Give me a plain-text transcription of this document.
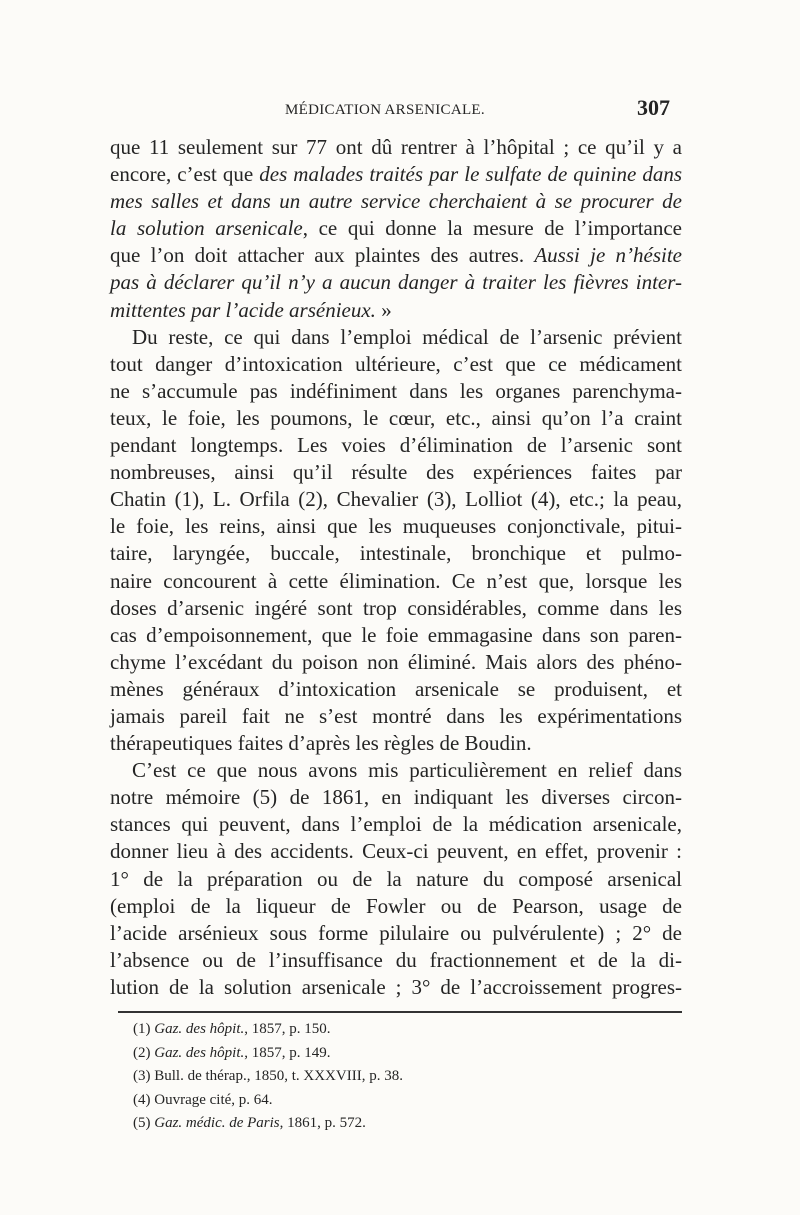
MÉDICATION ARSENICALE.	307
que 11 seulement sur 77 ont dû rentrer à l’hôpital ; ce qu’il y a
encore, c’est que des malades traités par le sulfate de quinine dans
mes salles et dans un autre service cherchaient à se procurer de
la solution arsenicale, ce qui donne la mesure de l’importance
que l’on doit attacher aux plaintes des autres. Aussi je n’hésite
pas à déclarer qu’il n’y a aucun danger à traiter les fièvres inter-
mittentes par l’acide arsénieux. »
Du reste, ce qui dans l’emploi médical de l’arsenic prévient
tout danger d’intoxication ultérieure, c’est que ce médicament
ne s’accumule pas indéfiniment dans les organes parenchyma-
teux, le foie, les poumons, le cœur, etc., ainsi qu’on l’a craint
pendant longtemps. Les voies d’élimination de l’arsenic sont
nombreuses, ainsi qu’il résulte des expériences faites par
Chatin (1), L. Orfila (2), Chevalier (3), Lolliot (4), etc.; la peau,
le foie, les reins, ainsi que les muqueuses conjonctivale, pitui-
taire, laryngée, buccale, intestinale, bronchique et pulmo-
naire concourent à cette élimination. Ce n’est que, lorsque les
doses d’arsenic ingéré sont trop considérables, comme dans les
cas d’empoisonnement, que le foie emmagasine dans son paren-
chyme l’excédant du poison non éliminé. Mais alors des phéno-
mènes généraux d’intoxication arsenicale se produisent, et
jamais pareil fait ne s’est montré dans les expérimentations
thérapeutiques faites d’après les règles de Boudin.
C’est ce que nous avons mis particulièrement en relief dans
notre mémoire (5) de 1861, en indiquant les diverses circon-
stances qui peuvent, dans l’emploi de la médication arsenicale,
donner lieu à des accidents. Ceux-ci peuvent, en effet, provenir :
1° de la préparation ou de la nature du composé arsenical
(emploi de la liqueur de Fowler ou de Pearson, usage de
l’acide arsénieux sous forme pilulaire ou pulvérulente) ; 2° de
l’absence ou de l’insuffisance du fractionnement et de la di-
lution de la solution arsenicale ; 3° de l’accroissement progres-
(1) Gaz. des hôpit., 1857, p. 150.
(2) Gaz. des hôpit., 1857, p. 149.
(3) Bull. de thérap., 1850, t. XXXVIII, p. 38.
(4) Ouvrage cité, p. 64.
(5) Gaz. médic. de Paris, 1861, p. 572.
